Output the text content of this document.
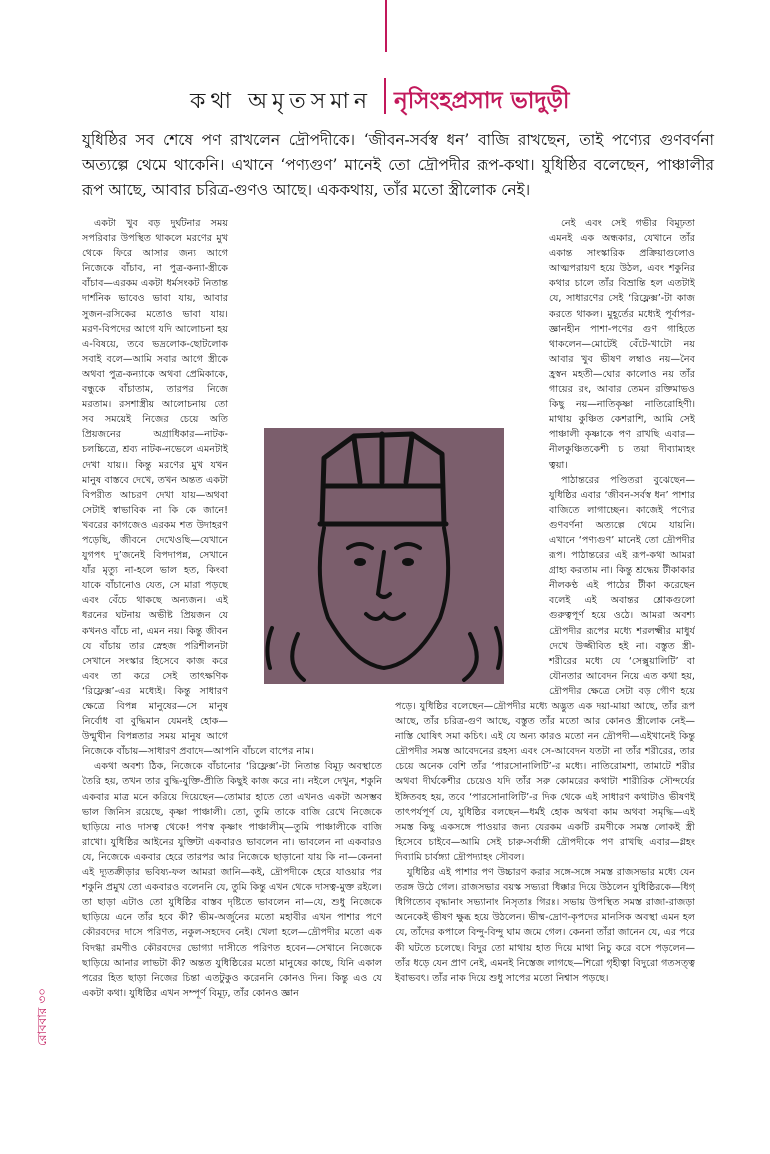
কথা অমৃতসমান নৃসিংহপ্রসাদ ভাদুড়ী
যুধিষ্ঠির সব শেষে পণ রাখলেন দ্রৌপদীকে। ‘জীবন-সর্বস্ব ধন’ বাজি রাখছেন, তাই পণ্যের গুণবর্ণনা অত্যল্পে থেমে থাকেনি। এখানে ‘পণ্যগুণ’ মানেই তো দ্রৌপদীর রূপ-কথা। যুধিষ্ঠির বলেছেন, পাঞ্চালীর রূপ আছে, আবার চরিত্র-গুণও আছে। এককথায়, তাঁর মতো স্ত্রীলোক নেই।

একটা খুব বড় দুর্ঘটনার সময় সপরিবার উপস্থিত থাকলে মরণের মুখ থেকে ফিরে আসার জন্য আগে নিজেকে বাঁচাব, না পুত্র-কন্যা-স্ত্রীকে বাঁচাব—এরকম একটা ধর্মসংকট নিতান্ত দার্শনিক ভাবেও ভাবা যায়, আবার সুজন-রসিকের মতোও ভাবা যায়। মরণ-বিপদের আগে যদি আলোচনা হয় এ-বিষয়ে, তবে ভদ্রলোক-ছোটলোক সবাই বলে—আমি সবার আগে স্ত্রীকে অথবা পুত্র-কন্যাকে অথবা প্রেমিকাকে, বন্ধুকে বাঁচাতাম, তারপর নিজে মরতাম। রসশাস্ত্রীয় আলোচনায় তো সব সময়েই নিজের চেয়ে অতি প্রিয়জনের অগ্রাধিকার—নাটক-চলচ্চিত্রে, শ্রব্য নাটক-নভেলে এমনটাই দেখা যায়।। কিন্তু মরণের মুখ যখন মানুষ বাস্তবে দেখে, তখন অন্তত একটা বিপরীত আচরণ দেখা যায়—অথবা সেটাই স্বাভাবিক না কি কে জানে! খবরের কাগজেও এরকম শত উদাহরণ পড়েছি, জীবনে দেখেওছি—যেখানে যুগপৎ দু’জনেই বিপদাপন্ন, সেখানে যাঁর মৃত্যু না-হলে ভাল হত, কিংবা যাকে বাঁচানোও যেত, সে মারা পড়ছে এবং বেঁচে থাকছে অন্যজন। এই ধরনের ঘটনায় অভীষ্ট প্রিয়জন যে কখনও বাঁচে না, এমন নয়। কিন্তু জীবন যে বাঁচায় তার স্নেহজ পরিশীলনটা সেখানে সংস্কার হিসেবে কাজ করে এবং তা করে সেই তাৎক্ষণিক ‘রিফ্লেক্স’-এর মধ্যেই। কিন্তু সাধারণ ক্ষেত্রে বিপন্ন মানুষের—সে মানুষ নির্বোধ বা বুদ্ধিমান যেমনই হোক—উন্মুখীন বিপন্নতার সময় মানুষ আগে নিজেকে বাঁচায়—সাধারণ প্রবাদে—আপনি বাঁচলে বাপের নাম।

একথা অবশ্য ঠিক, নিজেকে বাঁচানোর ‘রিফ্লেক্স’-টা নিতান্ত বিমূঢ় অবস্থাতে তৈরি হয়, তখন তার বুদ্ধি-যুক্তি-প্রীতি কিছুই কাজ করে না। নইলে দেখুন, শকুনি একবার মাত্র মনে করিয়ে দিয়েছেন—তোমার হাতে তো এখনও একটা অসম্ভব ভাল জিনিস রয়েছে, কৃষ্ণা পাঞ্চালী। তো, তুমি তাকে বাজি রেখে নিজেকে ছাড়িয়ে নাও দাসত্ব থেকে! পণস্ব কৃষ্ণাং পাঞ্চালীম্—তুমি পাঞ্চালীকে বাজি রাখো। যুধিষ্ঠির আইনের যুক্তিটা একবারও ভাবলেন না। ভাবলেন না একবারও যে, নিজেকে একবার হেরে তারপর আর নিজেকে ছাড়ানো যায় কি না—কেননা এই দ্যূতক্রীড়ার ভবিষ্য-ফল আমরা জানি—কই, দ্রৌপদীকে হেরে যাওয়ার পর শকুনি প্রমুখ তো একবারও বলেননি যে, তুমি কিন্তু এখন থেকে দাসত্ব-মুক্ত রইলে। তা ছাড়া এটাও তো যুধিষ্ঠির বাস্তব দৃষ্টিতে ভাবলেন না—যে, শুধু নিজেকে ছাড়িয়ে এনে তাঁর হবে কী? ভীম-অর্জুনের মতো মহাবীর এখন পাশার পণে কৌরবদের দাসে পরিণত, নকুল-সহদেব নেই। খেলা হলে—দ্রৌপদীর মতো এক বিদগ্ধা রমণীও কৌরবদের ভোগ্যা দাসীতে পরিণত হবেন—সেখানে নিজেকে ছাড়িয়ে আনার লাভটা কী? অন্তত যুধিষ্ঠিরের মতো মানুষের কাছে, যিনি একাল পরের হিত ছাড়া নিজের চিন্তা এতটুকুও করেননি কোনও দিন। কিন্তু এও যে একটা কথা। যুধিষ্ঠির এখন সম্পূর্ণ বিমূঢ়, তাঁর কোনও জ্ঞান

নেই এবং সেই গভীর বিমূঢ়তা এমনই এক অন্ধকার, যেখানে তাঁর একান্ত সাংস্কারিক প্রক্রিয়াগুলোও আত্মপরায়ণ হয়ে উঠল, এবং শকুনির কথার চালে তাঁর বিভ্রান্তি হল এতটাই যে, সাধারণের সেই ‘রিফ্লেক্স’-টা কাজ করতে থাকল। মুহূর্তের মধ্যেই পূর্বাপর-জ্ঞানহীন পাশা-পণের গুণ গাহিতে থাকলেন—মোটেই বেঁটে-খাটো নয় আবার খুব ভীষণ লম্বাও নয়—নৈব হ্রস্বন মহতী—ঘোর কালোও নয় তাঁর গায়ের রং, আবার তেমন রক্তিমাভও কিছু নয়—নাতিকৃষ্ণা নাতিরোহিণী। মাথায় কুঞ্চিত কেশরাশি, আমি সেই পাঞ্চালী কৃষ্ণাকে পণ রাখছি এবার—নীলকুঞ্চিতকেশী চ তয়া দীব্যাম্যহং ত্বয়া।

পাঠান্তরের পণ্ডিতরা বুঝেছেন—যুধিষ্ঠির এবার ‘জীবন-সর্বস্ব ধন’ পাশার বাজিতে লাগাচ্ছেন। কাজেই পণ্যের গুণবর্ণনা অত্যল্পে থেমে যায়নি। এখানে ‘পণ্যগুণ’ মানেই তো দ্রৌপদীর রূপ। পাঠান্তরের এই রূপ-কথা আমরা গ্রাহ্য করতাম না। কিন্তু শ্রদ্ধেয় টীকাকার নীলকণ্ঠ এই পাঠের টীকা করেছেন বলেই এই অবান্তর শ্লোকগুলো গুরুত্বপূর্ণ হয়ে ওঠে। আমরা অবশ্য দ্রৌপদীর রূপের মধ্যে শরলক্ষ্মীর মাধুর্য দেখে উজ্জীবিত হই না। বস্তুত স্ত্রী-শরীরের মধ্যে যে ‘সেক্সুয়ালিটি’ বা যৌনতার আবেদন নিয়ে এত কথা হয়, দ্রৌপদীর ক্ষেত্রে সেটা বড় গৌণ হয়ে পড়ে। যুধিষ্ঠির বলেছেন—দ্রৌপদীর মধ্যে অদ্ভুত এক দয়া-মায়া আছে, তাঁর রূপ আছে, তাঁর চরিত্র-গুণ আছে, বস্তুত তাঁর মতো আর কোনও স্ত্রীলোক নেই—নাস্তি ঘোষিৎ সমা কচিৎ। এই যে অন্য কারও মতো নন দ্রৌপদী—এইখানেই কিন্তু দ্রৌপদীর সমস্ত আবেদনের রহস্য এবং সে-আবেদন যতটা না তাঁর শরীরের, তার চেয়ে অনেক বেশি তাঁর ‘পারসোনালিটি’-র মধ্যে। নাতিরোমশা, তামাটে শরীর অথবা দীর্ঘকেশীর চেয়েও যদি তাঁর সরু কোমরের কথাটা শারীরিক সৌন্দর্যের ইঙ্গিতবহ হয়, তবে ‘পারসোনালিটি’-র দিক থেকে এই সাধারণ কথাটাও ভীষণই তাৎপর্যপূর্ণ যে, যুধিষ্ঠির বলছেন—ধর্মই হোক অথবা কাম অথবা সমৃদ্ধি—এই সমস্ত কিছু একসঙ্গে পাওয়ার জন্য যেরকম একটি রমণীকে সমস্ত লোকই স্ত্রী হিসেবে চাইবে—আমি সেই চারু-সর্বাঙ্গী দ্রৌপদীকে পণ রাখছি এবার—গ্লহং দিব্যামি চার্বঙ্গ্যা দ্রৌপদ্যাহং সৌবল।

যুধিষ্ঠির এই পাশার পণ উচ্চারণ করার সঙ্গে-সঙ্গে সমস্ত রাজসভার মধ্যে যেন তরঙ্গ উঠে গেল। রাজসভার বয়স্ক সভ্যরা ধিক্কার দিয়ে উঠলেন যুধিষ্ঠিরকে—ধিগ্ ধিগিত্যেব বৃদ্ধানাং সভ্যানাং নিসৃতাঃ গিরঃ। সভায় উপস্থিত সমস্ত রাজা-রাজড়া অনেকেই ভীষণ ক্ষুব্ধ হয়ে উঠলেন। ভীষ্ম-দ্রোণ-কৃপদের মানসিক অবস্থা এমন হল যে, তাঁদের কপালে বিন্দু-বিন্দু ঘাম জমে গেল। কেননা তাঁরা জানেন যে, এর পরে কী ঘটতে চলেছে। বিদুর তো মাথায় হাত দিয়ে মাথা নিচু করে বসে পড়লেন—তাঁর ধড়ে যেন প্রাণ নেই, এমনই নিস্তেজ লাগছে—শিরো গৃহীত্বা বিদুরো গতসত্ত্ব ইবাভবৎ। তাঁর নাক দিয়ে শুধু সাপের মতো নিশ্বাস পড়ছে।

রোববার৩০
